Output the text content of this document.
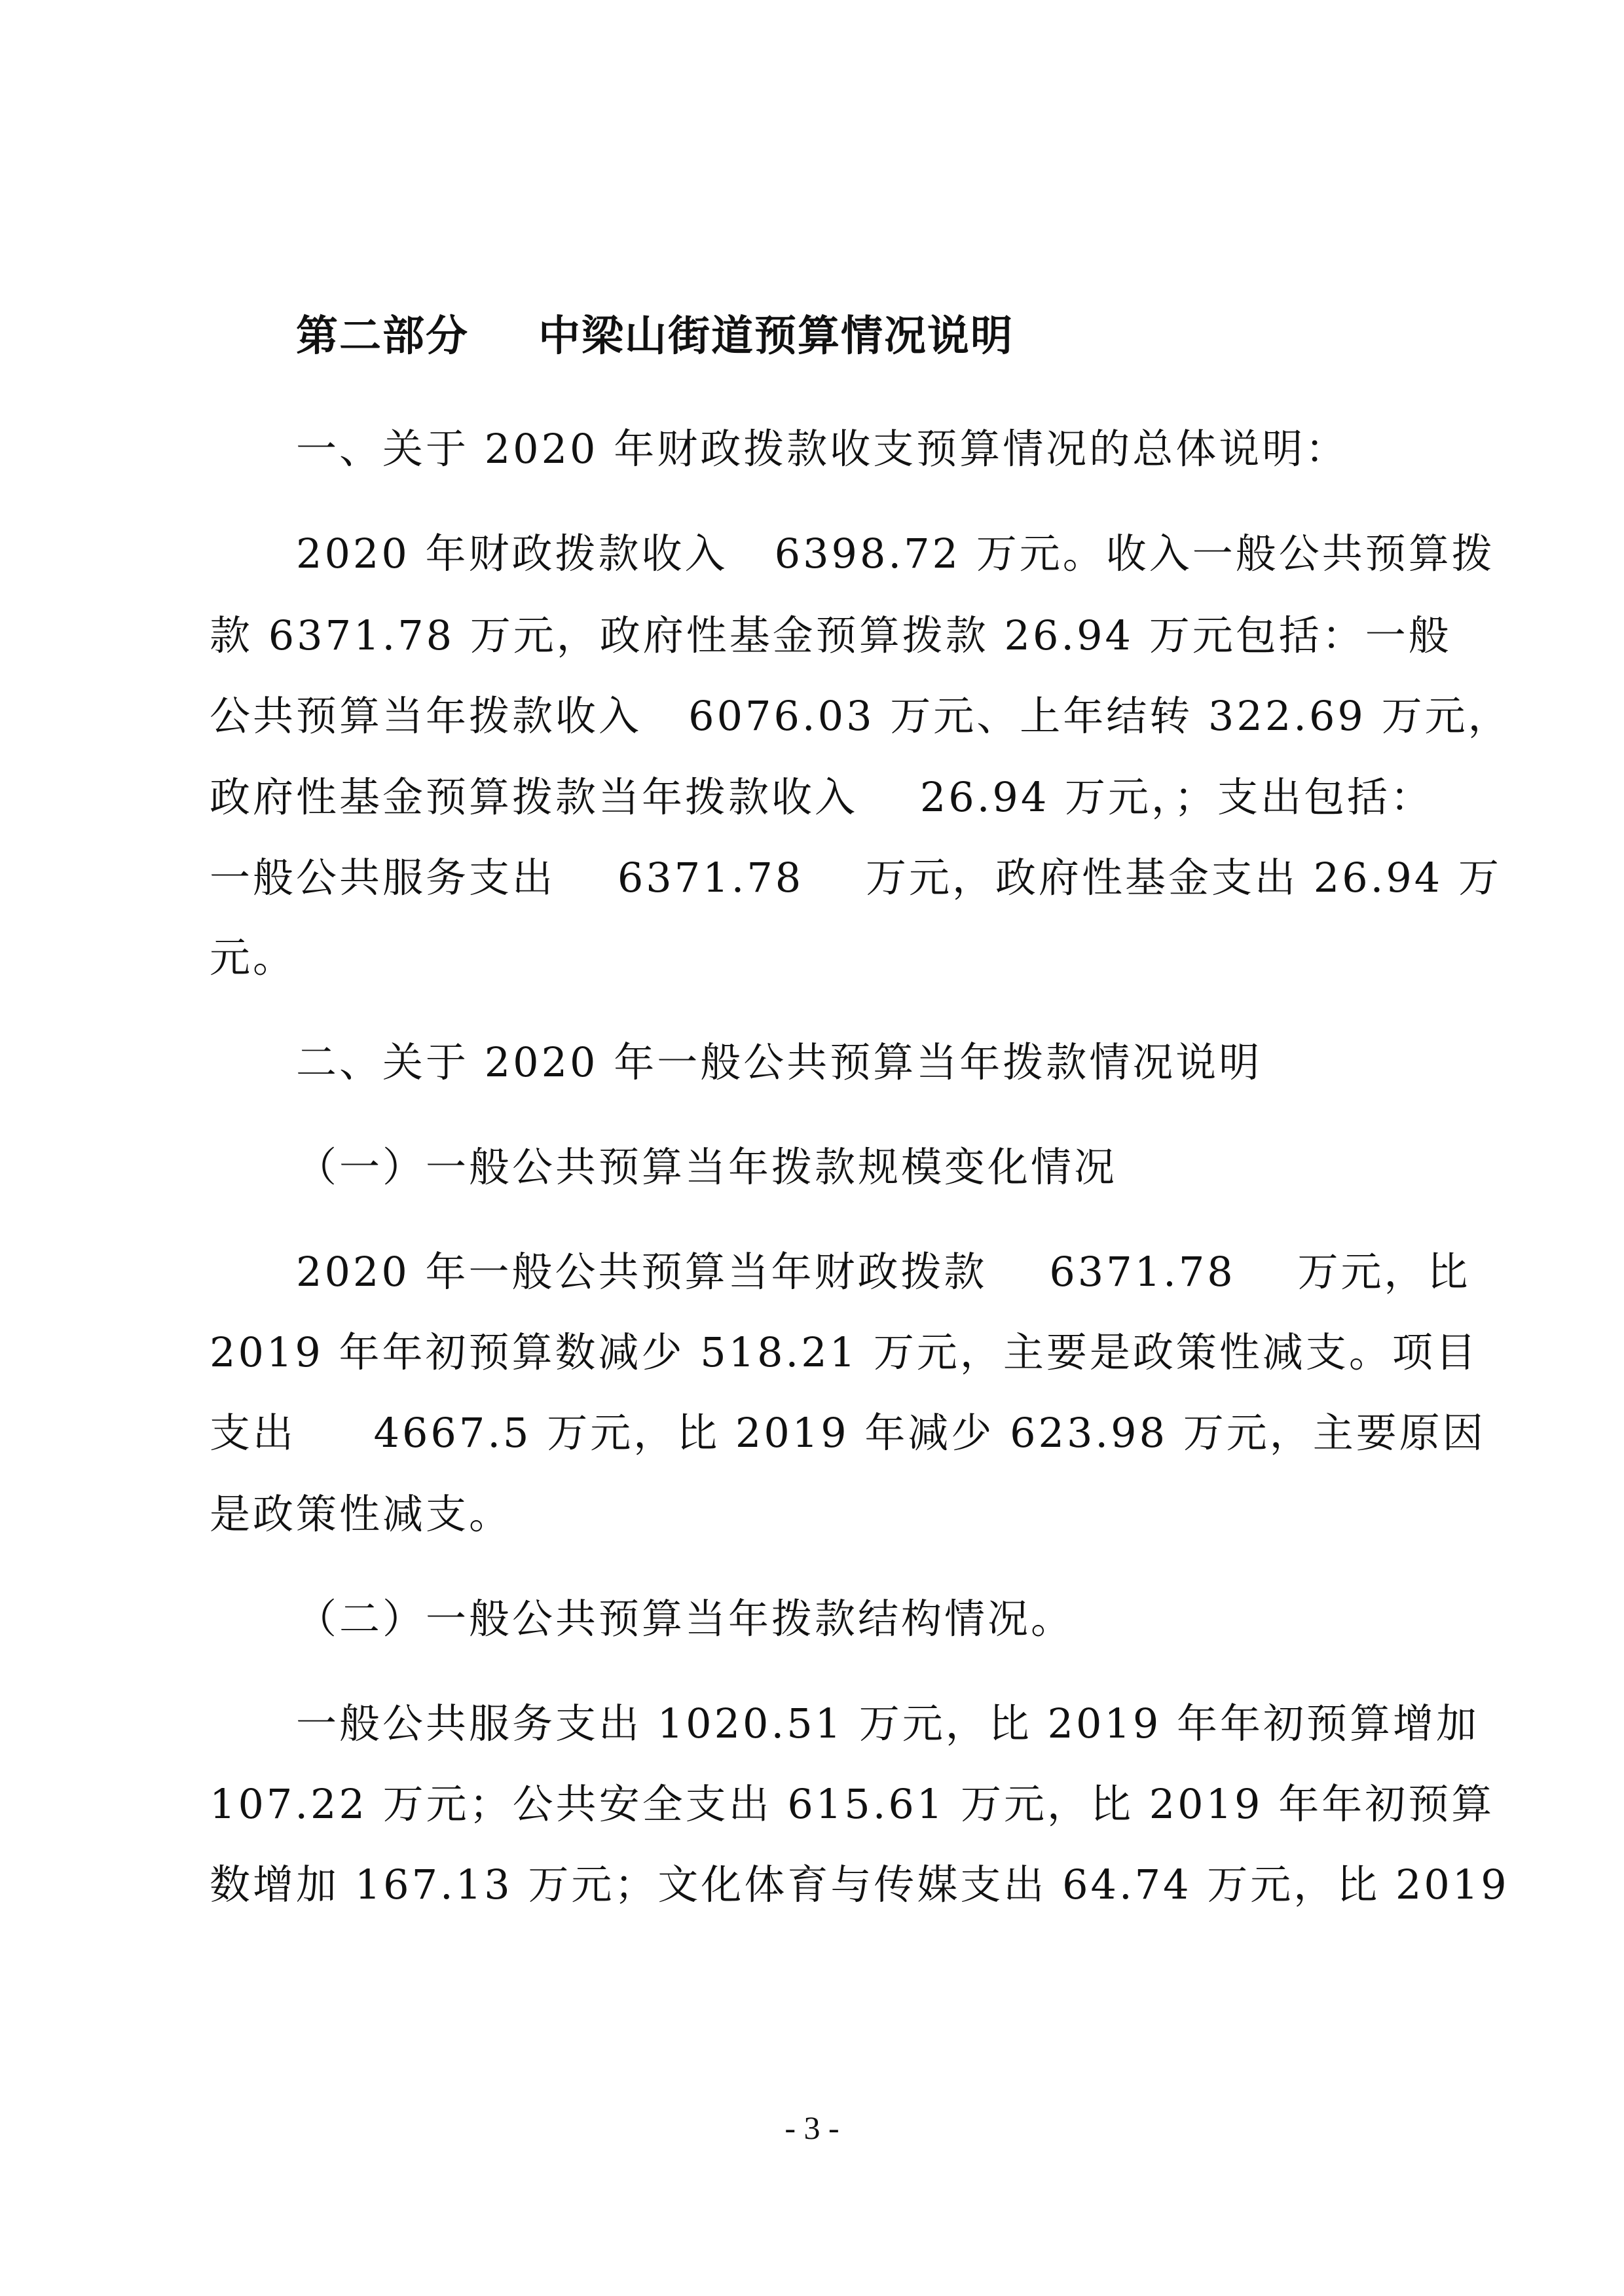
第二部分 中梁山街道预算情况说明
一、关于 2020 年财政拨款收支预算情况的总体说明：
2020 年财政拨款收入   6398.72 万元。收入一般公共预算拨
款 6371.78 万元，政府性基金预算拨款 26.94 万元包括：一般
公共预算当年拨款收入   6076.03 万元、上年结转 322.69 万元，
政府性基金预算拨款当年拨款收入    26.94 万元，；支出包括：
一般公共服务支出    6371.78    万元，政府性基金支出 26.94 万
元。
二、关于 2020 年一般公共预算当年拨款情况说明
（一）一般公共预算当年拨款规模变化情况
2020 年一般公共预算当年财政拨款    6371.78    万元，比
2019 年年初预算数减少 518.21 万元，主要是政策性减支。项目
支出     4667.5 万元，比 2019 年减少 623.98 万元，主要原因
是政策性减支。
（二）一般公共预算当年拨款结构情况。
一般公共服务支出 1020.51 万元，比 2019 年年初预算增加
107.22 万元；公共安全支出 615.61 万元，比 2019 年年初预算
数增加 167.13 万元；文化体育与传媒支出 64.74 万元，比 2019
- 3 -
